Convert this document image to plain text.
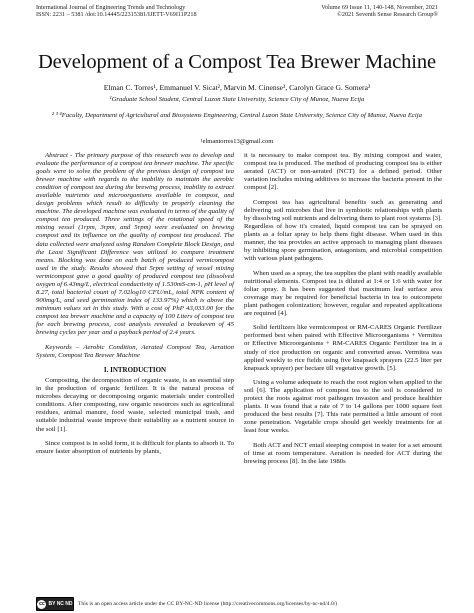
International Journal of Engineering Trends and Technology
ISSN: 2231 – 5381 /doi:10.14445/22315381/IJETT-V69I11P218
Volume 69 Issue 11, 140-148, November, 2021
©2021 Seventh Sense Research Group®
Development of a Compost Tea Brewer Machine
Elman C. Torres¹, Emmanuel V. Sicat², Marvin M. Cinense³, Carolyn Grace G. Somera³
¹Graduate School Student, Central Luzon State University, Science City of Munoz, Nueva Ecija
² ³ ⁴Faculty, Department of Agricultural and Biosystems Engineering, Central Luzon State University, Science City of Munoz, Nueva Ecija
¹elmantorres13@gmail.com

Abstract - The primary purpose of this research was to develop and evaluate the performance of a compost tea brewer machine. The specific goals were to solve the problem of the previous design of compost tea brewer machine with regards to the inability to maintain the aerobic condition of compost tea during the brewing process, inability to extract available nutrients and microorganisms available in compost, and design problems which result to difficulty in properly cleaning the machine. The developed machine was evaluated in terms of the quality of compost tea produced. Three settings of the rotational speed of the mixing vessel (1rpm, 3rpm, and 5rpm) were evaluated on brewing compost and its influence on the quality of compost tea produced. The data collected were analyzed using Random Complete Block Design, and the Least Significant Difference was utilized to compare treatment means. Blocking was done on each batch of produced vermicompost used in the study. Results showed that 5rpm setting of vessel mixing vermicompost gave a good quality of produced compost tea (dissolved oxygen of 6.43mg/L, electrical conductivity of 1.530mS-cm-1, pH level of 8.27, total bacterial count of 7.02log10 CFU/mL, total NPK content of 900mg/L, and seed germination index of 133.97%) which is above the minimum values set in this study. With a cost of PhP 43,033.00 for the compost tea brewer machine and a capacity of 100 Liters of compost tea for each brewing process, cost analysis revealed a breakeven of 45 brewing cycles per year and a payback period of 2.4 years.

Keywords – Aerobic Condition, Aerated Compost Tea, Aeration System, Compost Tea Brewer Machine

I. INTRODUCTION

Composting, the decomposition of organic waste, is an essential step in the production of organic fertilizer. It is the natural process of microbes decaying or decomposing organic materials under controlled conditions. After composting, raw organic resources such as agricultural residues, animal manure, food waste, selected municipal trash, and suitable industrial waste improve their suitability as a nutrient source in the soil [1].

Since compost is in solid form, it is difficult for plants to absorb it. To ensure faster absorption of nutrients by plants,

it is necessary to make compost tea. By mixing compost and water, compost tea is produced. The method of producing compost tea is either aerated (ACT) or non-aerated (NCT) for a defined period. Other variation includes mixing additives to increase the bacteria present in the compost [2].

Compost tea has agricultural benefits such as generating and delivering soil microbes that live in symbiotic relationships with plants by dissolving soil nutrients and delivering them to plant root systems [3]. Regardless of how it's created, liquid compost tea can be sprayed on plants as a foliar spray to help them fight disease. When used in this manner, the tea provides an active approach to managing plant diseases by inhibiting spore germination, antagonism, and microbial competition with various plant pathogens.

When used as a spray, the tea supplies the plant with readily available nutritional elements. Compost tea is diluted at 1:4 or 1:6 with water for foliar spray. It has been suggested that maximum leaf surface area coverage may be required for beneficial bacteria in tea to outcompete plant pathogen colonization; however, regular and repeated applications are required [4].

Solid fertilizers like vermicompost or RM-CARES Organic Fertilizer performed best when paired with Effective Microorganisms + Vermitea or Effective Microorganisms + RM-CARES Organic Fertilizer tea in a study of rice production on organic and converted areas. Vermitea was applied weekly to rice fields using five knapsack sprayers (22.5 liter per knapsack sprayer) per hectare till vegetative growth. [5].

Using a volume adequate to reach the root region when applied to the soil [6]. The application of compost tea to the soil is considered to protect the roots against root pathogen invasion and produce healthier plants. It was found that a rate of 7 to 14 gallons per 1000 square feet produced the best results [7]. This rate permitted a little amount of root zone penetration. Vegetable crops should get weekly treatments for at least four weeks.

Both ACT and NCT entail steeping compost in water for a set amount of time at room temperature. Aeration is needed for ACT during the brewing process [8]. In the late 1980s

cc BY NC ND This is an open access article under the CC BY-NC-ND license (http://creativecommons.org/licenses/by-nc-nd/4.0/)
